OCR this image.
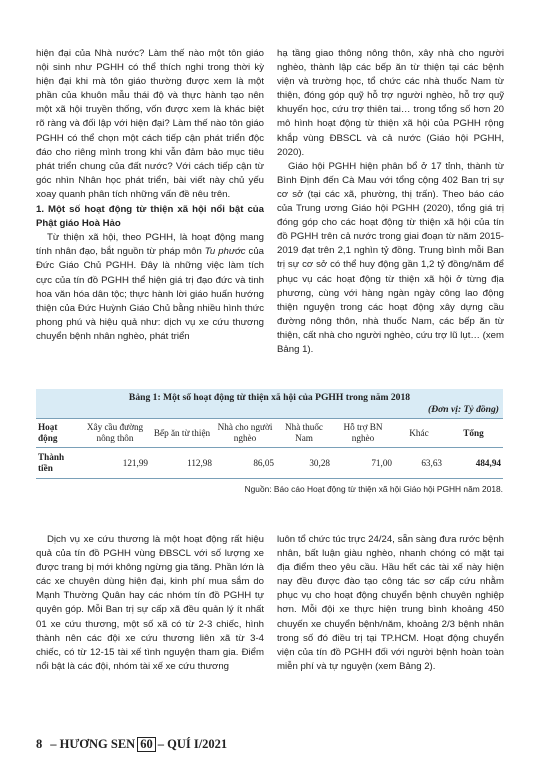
hiện đại của Nhà nước? Làm thế nào một tôn giáo nội sinh như PGHH có thể thích nghi trong thời kỳ hiện đại khi mà tôn giáo thường được xem là một phần của khuôn mẫu thái độ và thực hành tạo nên một xã hội truyền thống, vốn được xem là khác biệt rõ ràng và đối lập với hiện đại? Làm thế nào tôn giáo PGHH có thể chọn một cách tiếp cận phát triển độc đáo cho riêng mình trong khi vẫn đảm bảo mục tiêu phát triển chung của đất nước? Với cách tiếp cận từ góc nhìn Nhân học phát triển, bài viết này chủ yếu xoay quanh phân tích những vấn đề nêu trên.

1. Một số hoạt động từ thiện xã hội nổi bật của Phật giáo Hoà Hảo

Từ thiện xã hội, theo PGHH, là hoạt động mang tính nhân đạo, bắt nguồn từ pháp môn Tu phước của Đức Giáo Chủ PGHH. Đây là những việc làm tích cực của tín đồ PGHH thể hiện giá trị đạo đức và tinh hoa văn hóa dân tộc; thực hành lời giáo huấn hướng thiện của Đức Huỳnh Giáo Chủ bằng nhiều hình thức phong phú và hiệu quả như: dịch vụ xe cứu thương chuyển bệnh nhân nghèo, phát triển

hạ tầng giao thông nông thôn, xây nhà cho người nghèo, thành lập các bếp ăn từ thiện tại các bệnh viện và trường học, tổ chức các nhà thuốc Nam từ thiện, đóng góp quỹ hỗ trợ người nghèo, hỗ trợ quỹ khuyến học, cứu trợ thiên tai… trong tổng số hơn 20 mô hình hoạt động từ thiện xã hội của PGHH rộng khắp vùng ĐBSCL và cả nước (Giáo hội PGHH, 2020).

Giáo hội PGHH hiện phân bổ ở 17 tỉnh, thành từ Bình Định đến Cà Mau với tổng cộng 402 Ban trị sự cơ sở (tại các xã, phường, thị trấn). Theo báo cáo của Trung ương Giáo hội PGHH (2020), tổng giá trị đóng góp cho các hoạt động từ thiện xã hội của tín đồ PGHH trên cả nước trong giai đoạn từ năm 2015-2019 đạt trên 2,1 nghìn tỷ đồng. Trung bình mỗi Ban trị sự cơ sở có thể huy động gần 1,2 tỷ đồng/năm để phục vụ các hoạt động từ thiện xã hội ở từng địa phương, cùng với hàng ngàn ngày công lao động thiện nguyện trong các hoạt động xây dựng cầu đường nông thôn, nhà thuốc Nam, các bếp ăn từ thiện, cất nhà cho người nghèo, cứu trợ lũ lụt… (xem Bảng 1).

Bảng 1: Một số hoạt động từ thiện xã hội của PGHH trong năm 2018
(Đơn vị: Tỷ đồng)
Hoạt động	Xây cầu đường nông thôn	Bếp ăn từ thiện	Nhà cho người nghèo	Nhà thuốc Nam	Hỗ trợ BN nghèo	Khác	Tổng
Thành tiền	121,99	112,98	86,05	30,28	71,00	63,63	484,94
Nguồn: Báo cáo Hoạt động từ thiện xã hội Giáo hội PGHH năm 2018.

Dịch vụ xe cứu thương là một hoạt động rất hiệu quả của tín đồ PGHH vùng ĐBSCL với số lượng xe được trang bị mới không ngừng gia tăng. Phần lớn là các xe chuyên dùng hiện đại, kinh phí mua sắm do Mạnh Thường Quân hay các nhóm tín đồ PGHH tự quyên góp. Mỗi Ban trị sự cấp xã đều quản lý ít nhất 01 xe cứu thương, một số xã có từ 2-3 chiếc, hình thành nên các đội xe cứu thương liên xã từ 3-4 chiếc, có từ 12-15 tài xế tình nguyện tham gia. Điểm nổi bật là các đội, nhóm tài xế xe cứu thương

luôn tổ chức túc trực 24/24, sẵn sàng đưa rước bệnh nhân, bất luận giàu nghèo, nhanh chóng có mặt tại địa điểm theo yêu cầu. Hầu hết các tài xế này hiện nay đều được đào tạo công tác sơ cấp cứu nhằm phục vụ cho hoạt động chuyển bệnh chuyên nghiệp hơn. Mỗi đội xe thực hiện trung bình khoảng 450 chuyến xe chuyển bệnh/năm, khoảng 2/3 bệnh nhân trong số đó điều trị tại TP.HCM. Hoạt động chuyển viện của tín đồ PGHH đối với người bệnh hoàn toàn miễn phí và tự nguyện (xem Bảng 2).

8 – HƯƠNG SEN 60 – QUÍ I/2021
